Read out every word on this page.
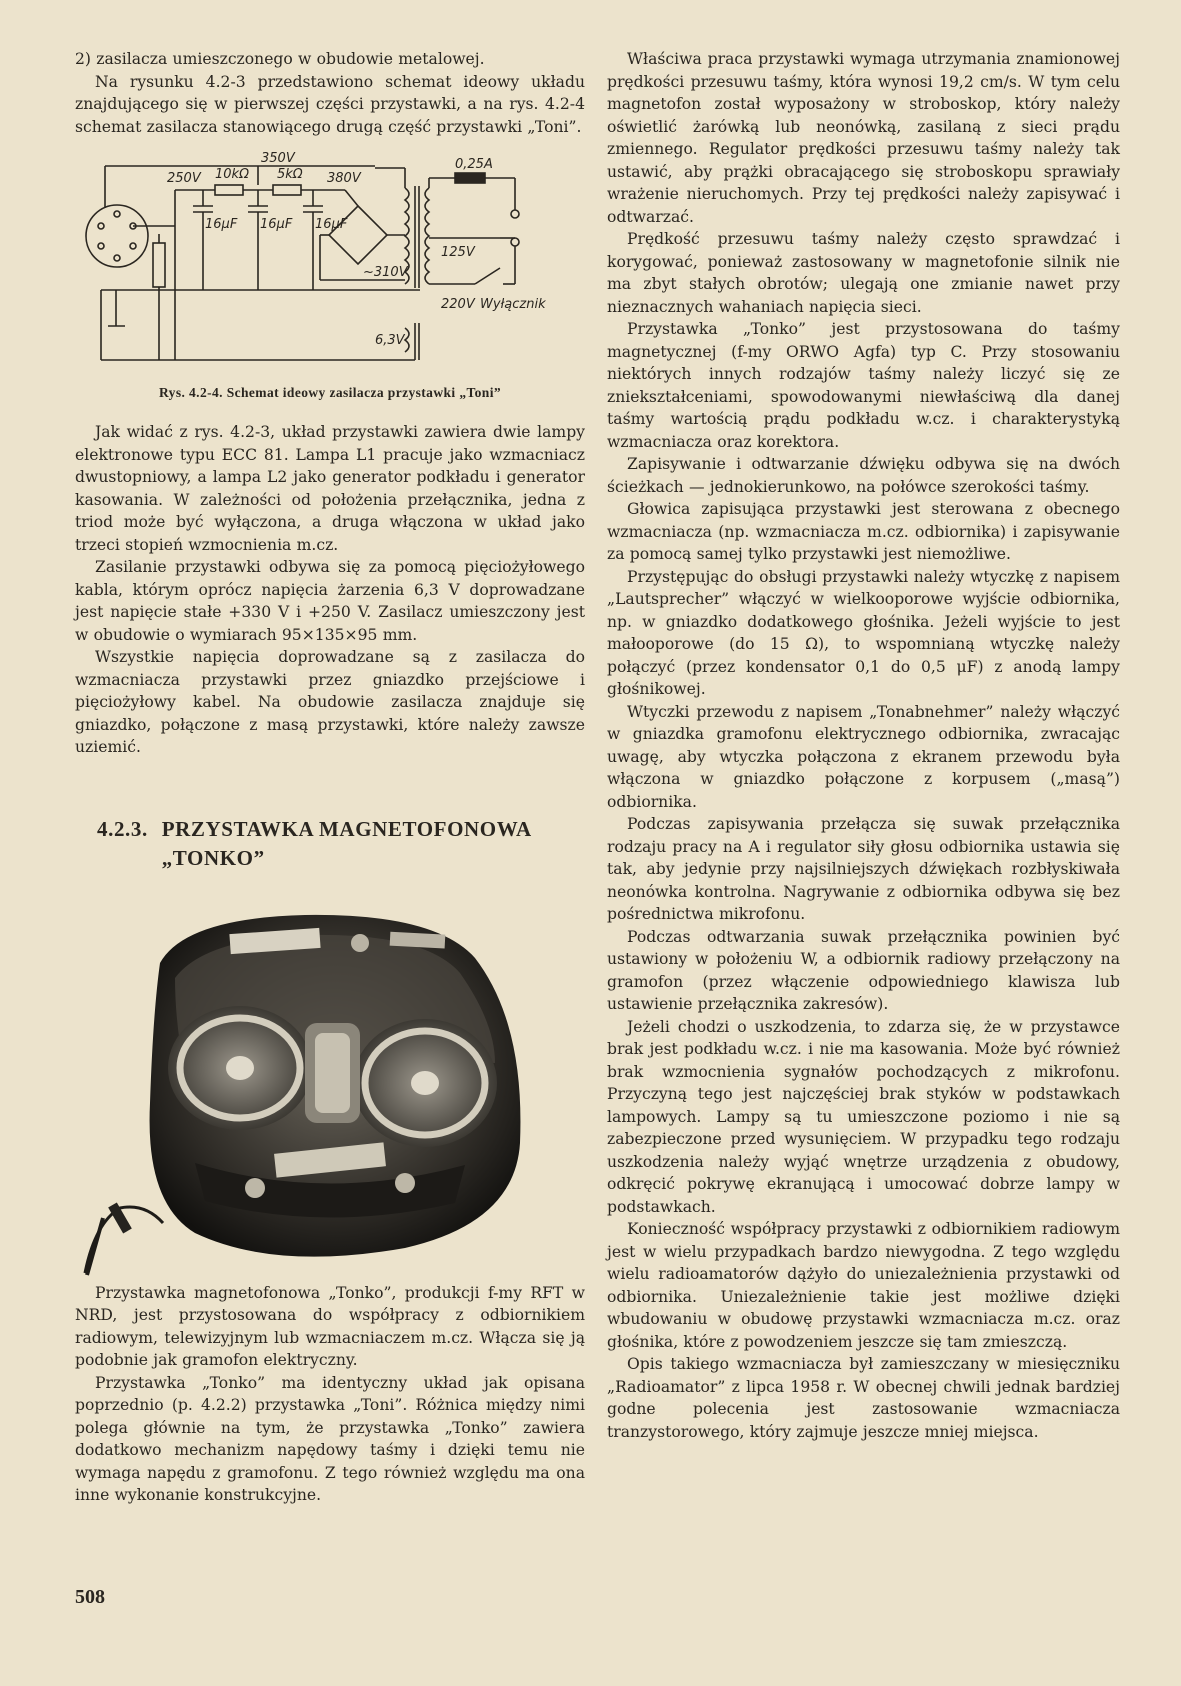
2) zasilacza umieszczonego w obudowie metalowej.

Na rysunku 4.2-3 przedstawiono schemat ideowy układu znajdującego się w pierwszej części przystawki, a na rys. 4.2-4 schemat zasilacza stanowiącego drugą część przystawki „Toni”.

250V 10kΩ
350V
5kΩ 380V
0,25A
16μF 16μF 16μF
125V
~310V
220V Wyłącznik
6,3V
Rys. 4.2-4. Schemat ideowy zasilacza przystawki „Toni”

Jak widać z rys. 4.2-3, układ przystawki zawiera dwie lampy elektronowe typu ECC 81. Lampa L1 pracuje jako wzmacniacz dwustopniowy, a lampa L2 jako generator podkładu i generator kasowania. W zależności od położenia przełącznika, jedna z triod może być wyłączona, a druga włączona w układ jako trzeci stopień wzmocnienia m.cz.

Zasilanie przystawki odbywa się za pomocą pięciożyłowego kabla, którym oprócz napięcia żarzenia 6,3 V doprowadzane jest napięcie stałe +330 V i +250 V. Zasilacz umieszczony jest w obudowie o wymiarach 95×135×95 mm.

Wszystkie napięcia doprowadzane są z zasilacza do wzmacniacza przystawki przez gniazdko przejściowe i pięciożyłowy kabel. Na obudowie zasilacza znajduje się gniazdko, połączone z masą przystawki, które należy zawsze uziemić.

4.2.3. PRZYSTAWKA MAGNETOFONOWA „TONKO”

Przystawka magnetofonowa „Tonko”, produkcji f-my RFT w NRD, jest przystosowana do współpracy z odbiornikiem radiowym, telewizyjnym lub wzmacniaczem m.cz. Włącza się ją podobnie jak gramofon elektryczny.

Przystawka „Tonko” ma identyczny układ jak opisana poprzednio (p. 4.2.2) przystawka „Toni”. Różnica między nimi polega głównie na tym, że przystawka „Tonko” zawiera dodatkowo mechanizm napędowy taśmy i dzięki temu nie wymaga napędu z gramofonu. Z tego również względu ma ona inne wykonanie konstrukcyjne.

Właściwa praca przystawki wymaga utrzymania znamionowej prędkości przesuwu taśmy, która wynosi 19,2 cm/s. W tym celu magnetofon został wyposażony w stroboskop, który należy oświetlić żarówką lub neonówką, zasilaną z sieci prądu zmiennego. Regulator prędkości przesuwu taśmy należy tak ustawić, aby prążki obracającego się stroboskopu sprawiały wrażenie nieruchomych. Przy tej prędkości należy zapisywać i odtwarzać.

Prędkość przesuwu taśmy należy często sprawdzać i korygować, ponieważ zastosowany w magnetofonie silnik nie ma zbyt stałych obrotów; ulegają one zmianie nawet przy nieznacznych wahaniach napięcia sieci.

Przystawka „Tonko” jest przystosowana do taśmy magnetycznej (f-my ORWO Agfa) typ C. Przy stosowaniu niektórych innych rodzajów taśmy należy liczyć się ze zniekształceniami, spowodowanymi niewłaściwą dla danej taśmy wartością prądu podkładu w.cz. i charakterystyką wzmacniacza oraz korektora.

Zapisywanie i odtwarzanie dźwięku odbywa się na dwóch ścieżkach — jednokierunkowo, na połówce szerokości taśmy.

Głowica zapisująca przystawki jest sterowana z obecnego wzmacniacza (np. wzmacniacza m.cz. odbiornika) i zapisywanie za pomocą samej tylko przystawki jest niemożliwe.

Przystępując do obsługi przystawki należy wtyczkę z napisem „Lautsprecher” włączyć w wielkooporowe wyjście odbiornika, np. w gniazdko dodatkowego głośnika. Jeżeli wyjście to jest małooporowe (do 15 Ω), to wspomnianą wtyczkę należy połączyć (przez kondensator 0,1 do 0,5 μF) z anodą lampy głośnikowej.

Wtyczki przewodu z napisem „Tonabnehmer” należy włączyć w gniazdka gramofonu elektrycznego odbiornika, zwracając uwagę, aby wtyczka połączona z ekranem przewodu była włączona w gniazdko połączone z korpusem („masą”) odbiornika.

Podczas zapisywania przełącza się suwak przełącznika rodzaju pracy na A i regulator siły głosu odbiornika ustawia się tak, aby jedynie przy najsilniejszych dźwiękach rozbłyskiwała neonówka kontrolna. Nagrywanie z odbiornika odbywa się bez pośrednictwa mikrofonu.

Podczas odtwarzania suwak przełącznika powinien być ustawiony w położeniu W, a odbiornik radiowy przełączony na gramofon (przez włączenie odpowiedniego klawisza lub ustawienie przełącznika zakresów).

Jeżeli chodzi o uszkodzenia, to zdarza się, że w przystawce brak jest podkładu w.cz. i nie ma kasowania. Może być również brak wzmocnienia sygnałów pochodzących z mikrofonu. Przyczyną tego jest najczęściej brak styków w podstawkach lampowych. Lampy są tu umieszczone poziomo i nie są zabezpieczone przed wysunięciem. W przypadku tego rodzaju uszkodzenia należy wyjąć wnętrze urządzenia z obudowy, odkręcić pokrywę ekranującą i umocować dobrze lampy w podstawkach.

Konieczność współpracy przystawki z odbiornikiem radiowym jest w wielu przypadkach bardzo niewygodna. Z tego względu wielu radioamatorów dążyło do uniezależnienia przystawki od odbiornika. Uniezależnienie takie jest możliwe dzięki wbudowaniu w obudowę przystawki wzmacniacza m.cz. oraz głośnika, które z powodzeniem jeszcze się tam zmieszczą.

Opis takiego wzmacniacza był zamieszczany w miesięczniku „Radioamator” z lipca 1958 r. W obecnej chwili jednak bardziej godne polecenia jest zastosowanie wzmacniacza tranzystorowego, który zajmuje jeszcze mniej miejsca.

508
